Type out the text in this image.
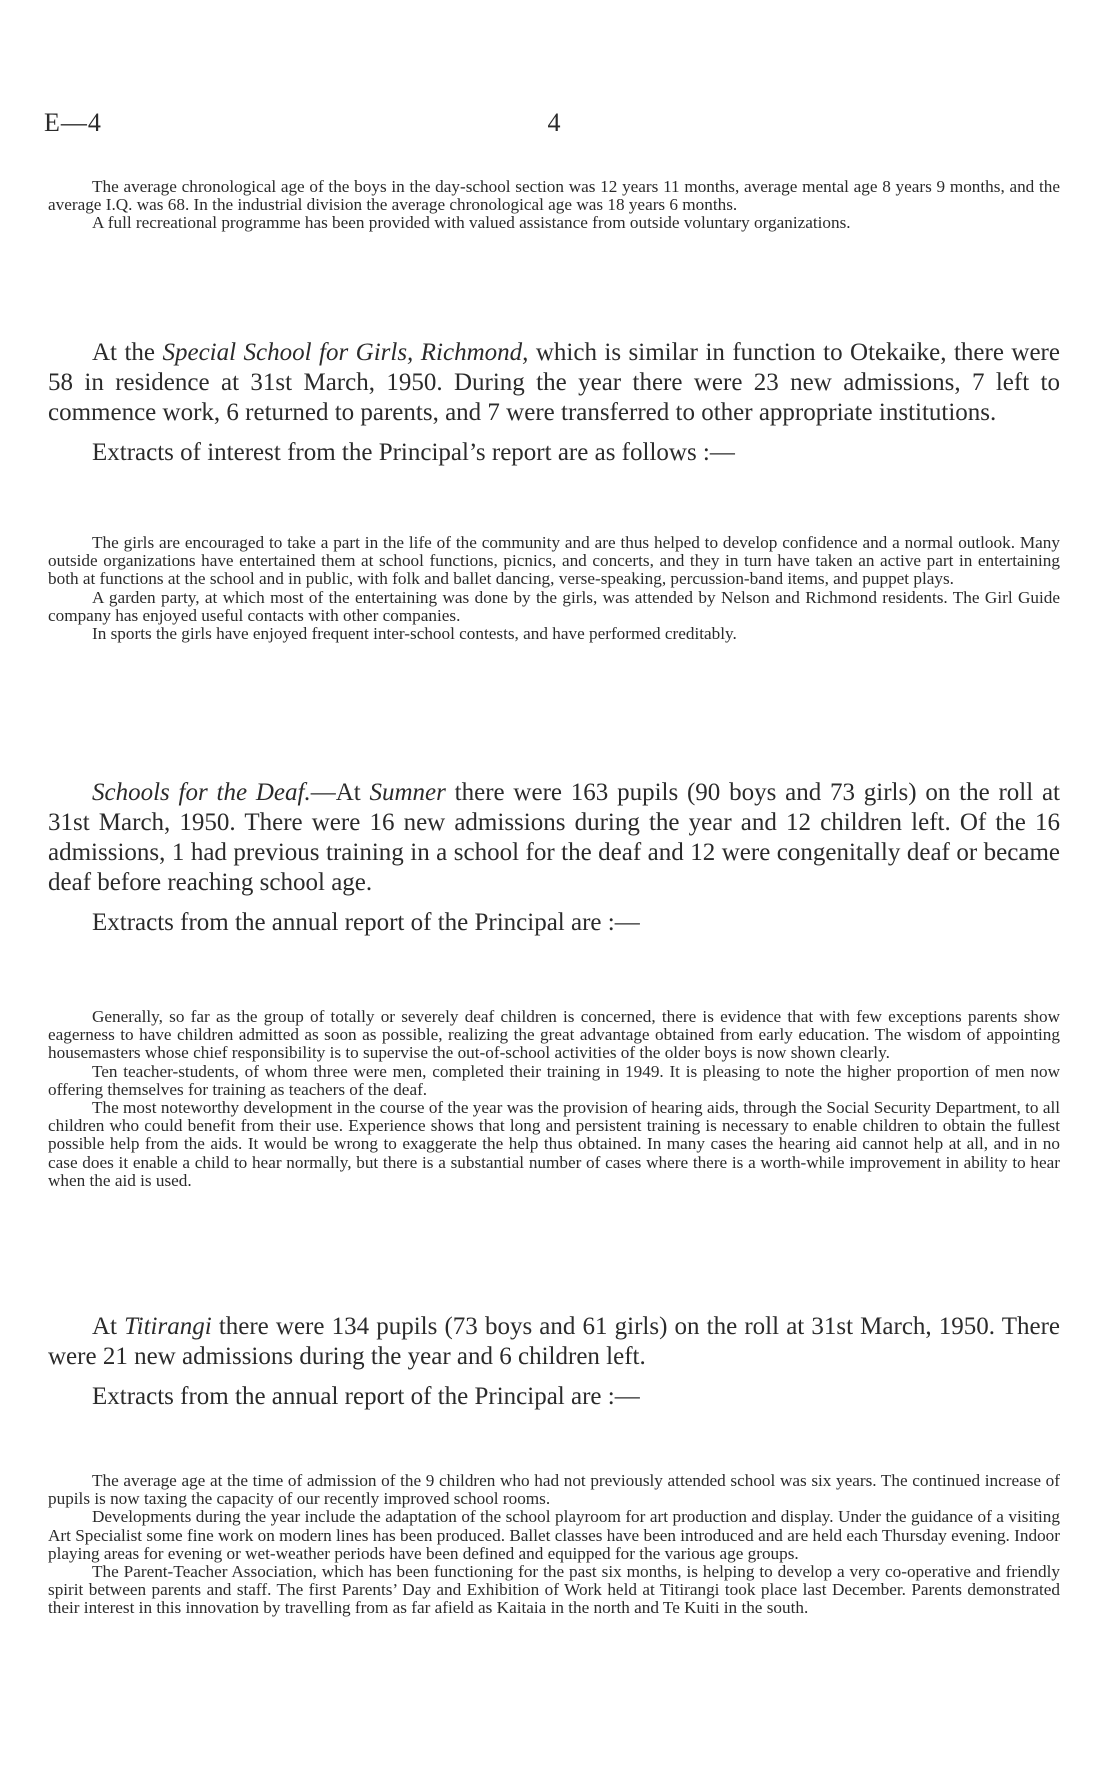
E—4	4

The average chronological age of the boys in the day-school section was 12 years 11 months, average mental age 8 years 9 months, and the average I.Q. was 68. In the industrial division the average chronological age was 18 years 6 months.

A full recreational programme has been provided with valued assistance from outside voluntary organizations.

At the Special School for Girls, Richmond, which is similar in function to Otekaike, there were 58 in residence at 31st March, 1950. During the year there were 23 new admissions, 7 left to commence work, 6 returned to parents, and 7 were transferred to other appropriate institutions.

Extracts of interest from the Principal’s report are as follows :—

The girls are encouraged to take a part in the life of the community and are thus helped to develop confidence and a normal outlook. Many outside organizations have entertained them at school functions, picnics, and concerts, and they in turn have taken an active part in entertaining both at functions at the school and in public, with folk and ballet dancing, verse-speaking, percussion-band items, and puppet plays.

A garden party, at which most of the entertaining was done by the girls, was attended by Nelson and Richmond residents. The Girl Guide company has enjoyed useful contacts with other companies.

In sports the girls have enjoyed frequent inter-school contests, and have performed creditably.

Schools for the Deaf.—At Sumner there were 163 pupils (90 boys and 73 girls) on the roll at 31st March, 1950. There were 16 new admissions during the year and 12 children left. Of the 16 admissions, 1 had previous training in a school for the deaf and 12 were congenitally deaf or became deaf before reaching school age.

Extracts from the annual report of the Principal are :—

Generally, so far as the group of totally or severely deaf children is concerned, there is evidence that with few exceptions parents show eagerness to have children admitted as soon as possible, realizing the great advantage obtained from early education. The wisdom of appointing housemasters whose chief responsibility is to supervise the out-of-school activities of the older boys is now shown clearly.

Ten teacher-students, of whom three were men, completed their training in 1949. It is pleasing to note the higher proportion of men now offering themselves for training as teachers of the deaf.

The most noteworthy development in the course of the year was the provision of hearing aids, through the Social Security Department, to all children who could benefit from their use. Experience shows that long and persistent training is necessary to enable children to obtain the fullest possible help from the aids. It would be wrong to exaggerate the help thus obtained. In many cases the hearing aid cannot help at all, and in no case does it enable a child to hear normally, but there is a substantial number of cases where there is a worth-while improvement in ability to hear when the aid is used.

At Titirangi there were 134 pupils (73 boys and 61 girls) on the roll at 31st March, 1950. There were 21 new admissions during the year and 6 children left.

Extracts from the annual report of the Principal are :—

The average age at the time of admission of the 9 children who had not previously attended school was six years. The continued increase of pupils is now taxing the capacity of our recently improved school rooms.

Developments during the year include the adaptation of the school playroom for art production and display. Under the guidance of a visiting Art Specialist some fine work on modern lines has been produced. Ballet classes have been introduced and are held each Thursday evening. Indoor playing areas for evening or wet-weather periods have been defined and equipped for the various age groups.

The Parent-Teacher Association, which has been functioning for the past six months, is helping to develop a very co-operative and friendly spirit between parents and staff. The first Parents’ Day and Exhibition of Work held at Titirangi took place last December. Parents demonstrated their interest in this innovation by travelling from as far afield as Kaitaia in the north and Te Kuiti in the south.
